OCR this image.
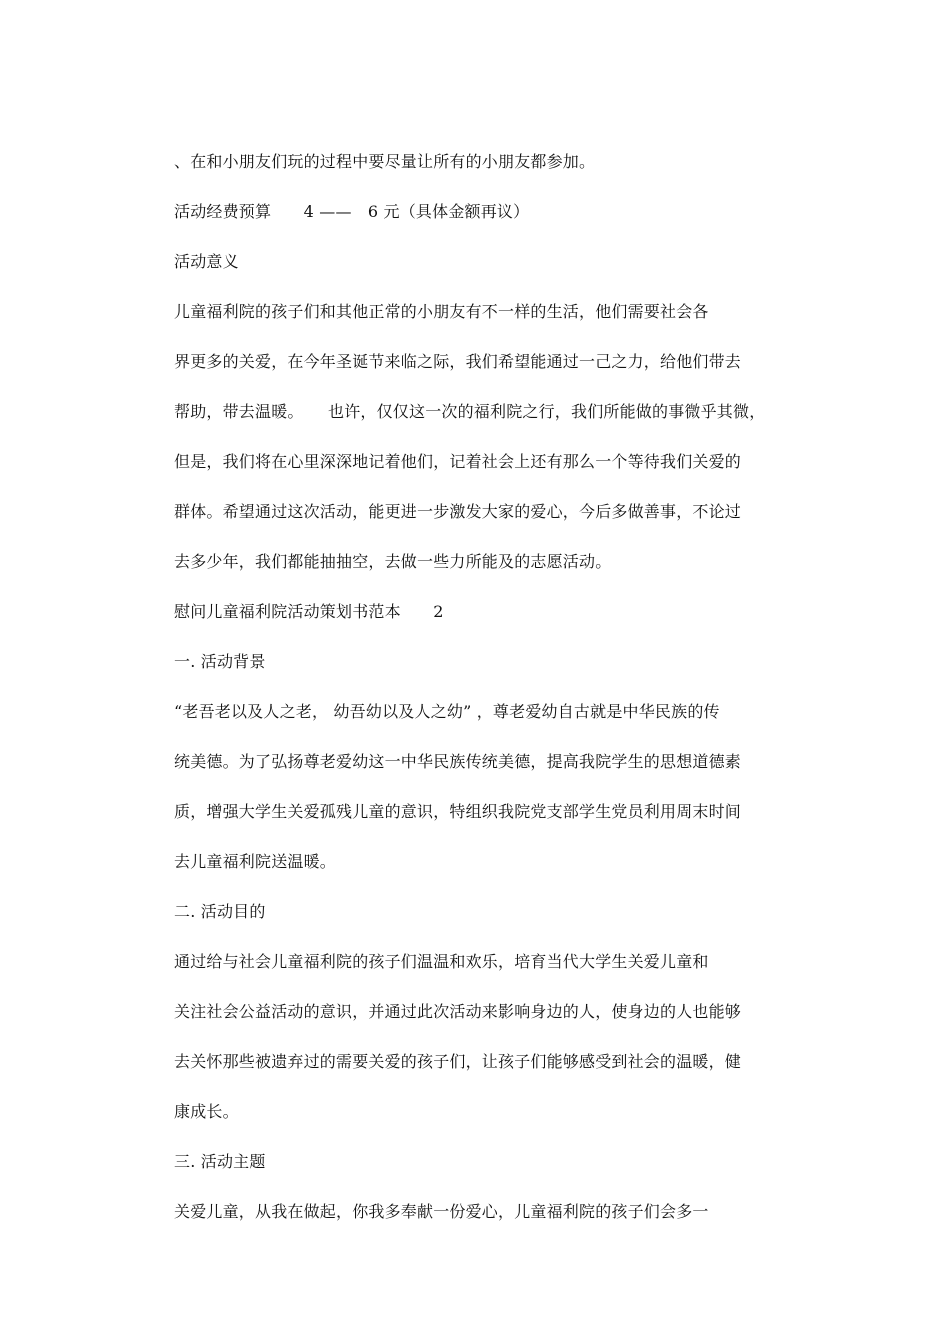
、在和小朋友们玩的过程中要尽量让所有的小朋友都参加。
活动经费预算　　4 ——　6 元（具体金额再议）
活动意义
儿童福利院的孩子们和其他正常的小朋友有不一样的生活，他们需要社会各
界更多的关爱，在今年圣诞节来临之际，我们希望能通过一己之力，给他们带去
帮助，带去温暖。　　也许，仅仅这一次的福利院之行，我们所能做的事微乎其微，
但是，我们将在心里深深地记着他们，记着社会上还有那么一个等待我们关爱的
群体。希望通过这次活动，能更进一步激发大家的爱心，今后多做善事，不论过
去多少年，我们都能抽抽空，去做一些力所能及的志愿活动。
慰问儿童福利院活动策划书范本　　2
一. 活动背景
“老吾老以及人之老， 幼吾幼以及人之幼” ，尊老爱幼自古就是中华民族的传
统美德。为了弘扬尊老爱幼这一中华民族传统美德，提高我院学生的思想道德素
质，增强大学生关爱孤残儿童的意识，特组织我院党支部学生党员利用周末时间
去儿童福利院送温暖。
二. 活动目的
通过给与社会儿童福利院的孩子们温温和欢乐，培育当代大学生关爱儿童和
关注社会公益活动的意识，并通过此次活动来影响身边的人，使身边的人也能够
去关怀那些被遗弃过的需要关爱的孩子们，让孩子们能够感受到社会的温暖，健
康成长。
三. 活动主题
关爱儿童，从我在做起，你我多奉献一份爱心，儿童福利院的孩子们会多一
